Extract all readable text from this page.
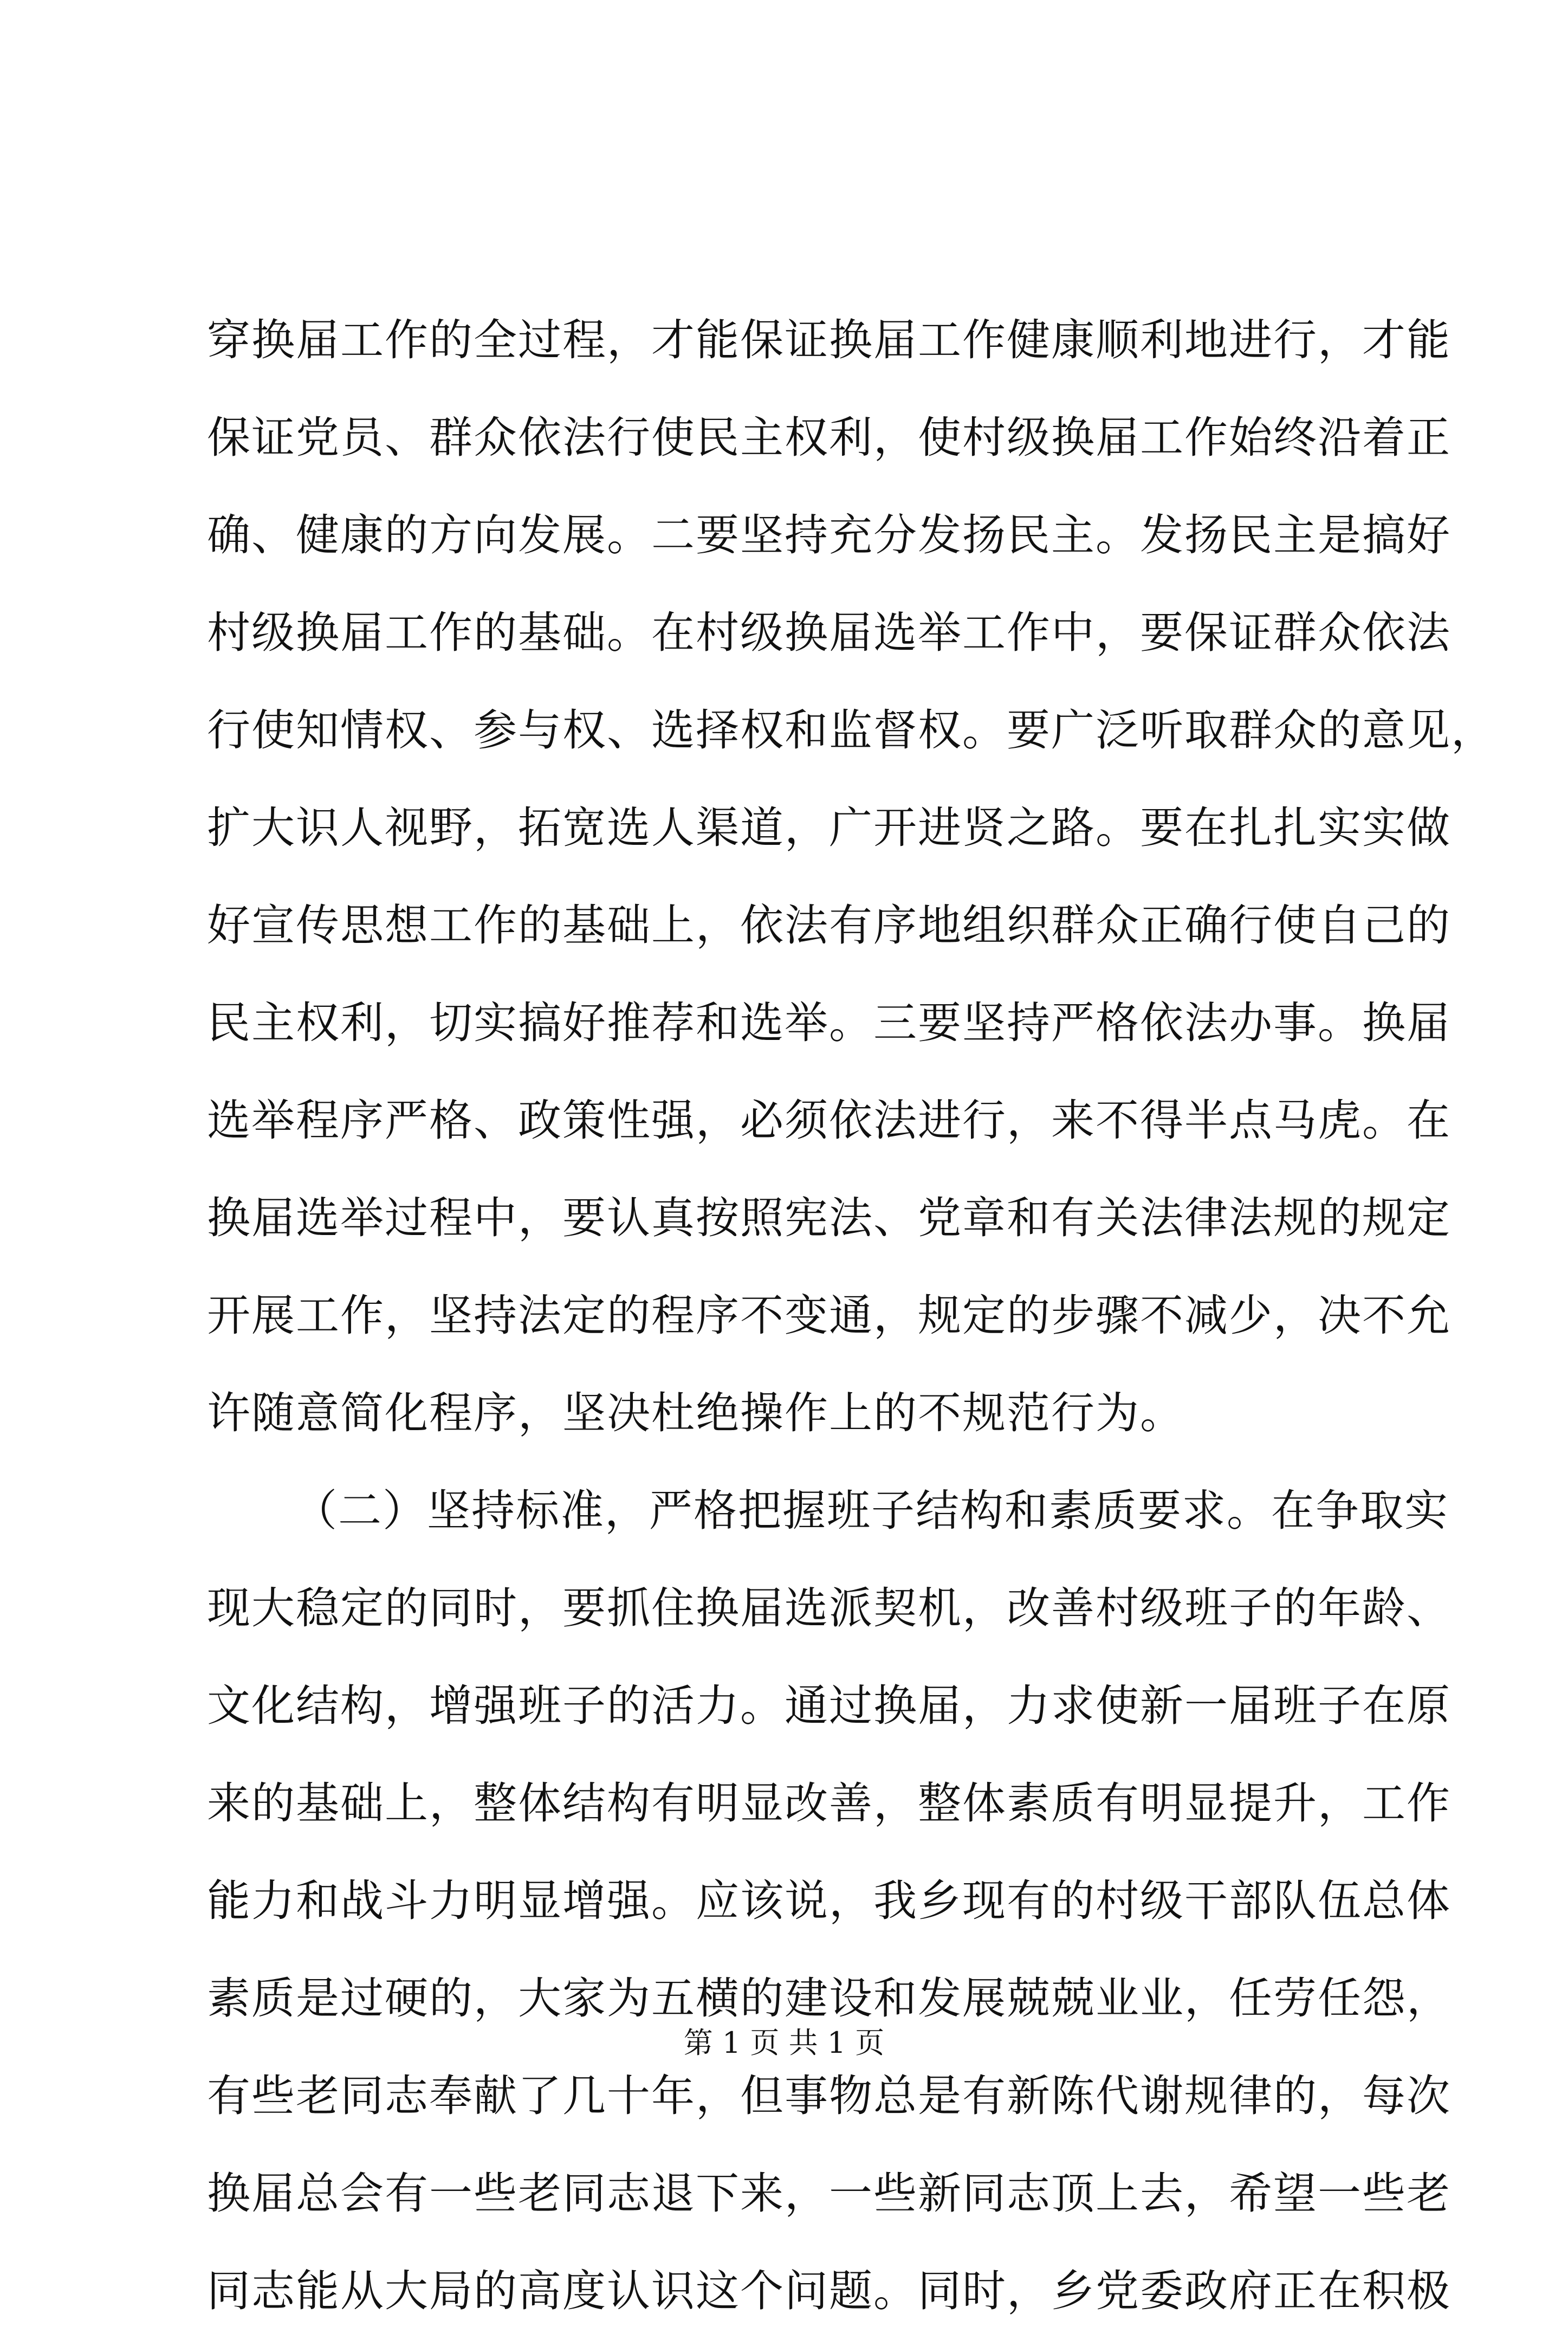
穿换届工作的全过程，才能保证换届工作健康顺利地进行，才能
保证党员、群众依法行使民主权利，使村级换届工作始终沿着正
确、健康的方向发展。二要坚持充分发扬民主。发扬民主是搞好
村级换届工作的基础。在村级换届选举工作中，要保证群众依法
行使知情权、参与权、选择权和监督权。要广泛听取群众的意见，
扩大识人视野，拓宽选人渠道，广开进贤之路。要在扎扎实实做
好宣传思想工作的基础上，依法有序地组织群众正确行使自己的
民主权利，切实搞好推荐和选举。三要坚持严格依法办事。换届
选举程序严格、政策性强，必须依法进行，来不得半点马虎。在
换届选举过程中，要认真按照宪法、党章和有关法律法规的规定
开展工作，坚持法定的程序不变通，规定的步骤不减少，决不允
许随意简化程序，坚决杜绝操作上的不规范行为。
（二）坚持标准，严格把握班子结构和素质要求。在争取实
现大稳定的同时，要抓住换届选派契机，改善村级班子的年龄、
文化结构，增强班子的活力。通过换届，力求使新一届班子在原
来的基础上，整体结构有明显改善，整体素质有明显提升，工作
能力和战斗力明显增强。应该说，我乡现有的村级干部队伍总体
素质是过硬的，大家为五横的建设和发展兢兢业业，任劳任怨，
有些老同志奉献了几十年，但事物总是有新陈代谢规律的，每次
换届总会有一些老同志退下来，一些新同志顶上去，希望一些老
同志能从大局的高度认识这个问题。同时，乡党委政府正在积极
第 1 页 共 1 页
